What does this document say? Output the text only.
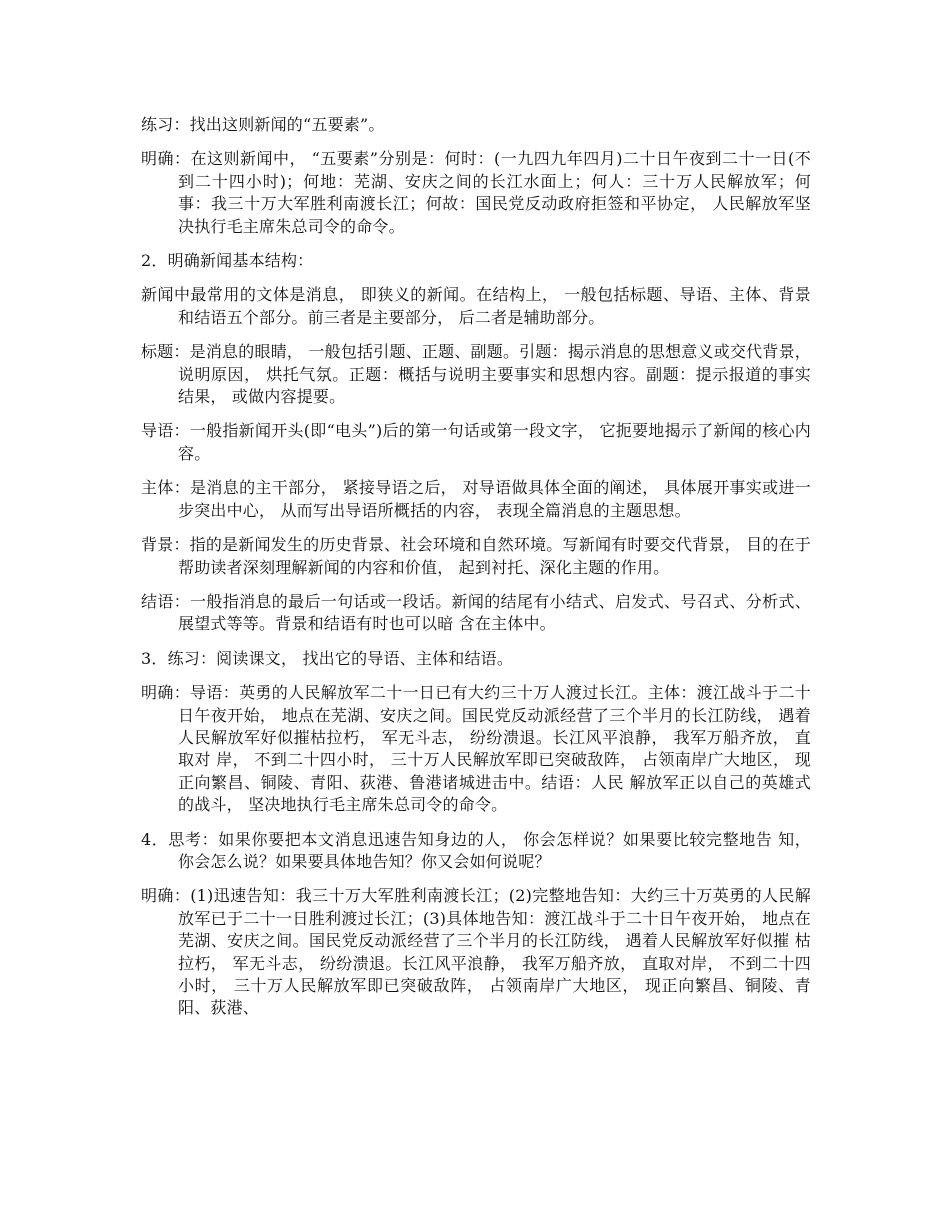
练习：找出这则新闻的“五要素”。

明确：在这则新闻中， “五要素”分别是：何时：(一九四九年四月)二十日午夜到二十一日(不到二十四小时)；何地：芜湖、安庆之间的长江水面上；何人：三十万人民解放军；何事：我三十万大军胜利南渡长江；何故：国民党反动政府拒签和平协定， 人民解放军坚决执行毛主席朱总司令的命令。

2．明确新闻基本结构：

新闻中最常用的文体是消息， 即狭义的新闻。在结构上， 一般包括标题、导语、主体、背景和结语五个部分。前三者是主要部分， 后二者是辅助部分。

标题：是消息的眼睛， 一般包括引题、正题、副题。引题：揭示消息的思想意义或交代背景， 说明原因， 烘托气氛。正题：概括与说明主要事实和思想内容。副题：提示报道的事实结果， 或做内容提要。

导语：一般指新闻开头(即“电头”)后的第一句话或第一段文字， 它扼要地揭示了新闻的核心内容。

主体：是消息的主干部分， 紧接导语之后， 对导语做具体全面的阐述， 具体展开事实或进一步突出中心， 从而写出导语所概括的内容， 表现全篇消息的主题思想。

背景：指的是新闻发生的历史背景、社会环境和自然环境。写新闻有时要交代背景， 目的在于帮助读者深刻理解新闻的内容和价值， 起到衬托、深化主题的作用。

结语：一般指消息的最后一句话或一段话。新闻的结尾有小结式、启发式、号召式、分析式、展望式等等。背景和结语有时也可以暗 含在主体中。

3．练习：阅读课文， 找出它的导语、主体和结语。

明确：导语：英勇的人民解放军二十一日已有大约三十万人渡过长江。主体：渡江战斗于二十日午夜开始， 地点在芜湖、安庆之间。国民党反动派经营了三个半月的长江防线， 遇着人民解放军好似摧枯拉朽， 军无斗志， 纷纷溃退。长江风平浪静， 我军万船齐放， 直取对 岸， 不到二十四小时， 三十万人民解放军即已突破敌阵， 占领南岸广大地区， 现正向繁昌、铜陵、青阳、荻港、鲁港诸城进击中。结语：人民 解放军正以自己的英雄式的战斗， 坚决地执行毛主席朱总司令的命令。

4．思考：如果你要把本文消息迅速告知身边的人， 你会怎样说？如果要比较完整地告 知， 你会怎么说？如果要具体地告知？你又会如何说呢？

明确：(1)迅速告知：我三十万大军胜利南渡长江；(2)完整地告知：大约三十万英勇的人民解放军已于二十一日胜利渡过长江；(3)具体地告知：渡江战斗于二十日午夜开始， 地点在芜湖、安庆之间。国民党反动派经营了三个半月的长江防线， 遇着人民解放军好似摧 枯拉朽， 军无斗志， 纷纷溃退。长江风平浪静， 我军万船齐放， 直取对岸， 不到二十四小时， 三十万人民解放军即已突破敌阵， 占领南岸广大地区， 现正向繁昌、铜陵、青阳、荻港、
